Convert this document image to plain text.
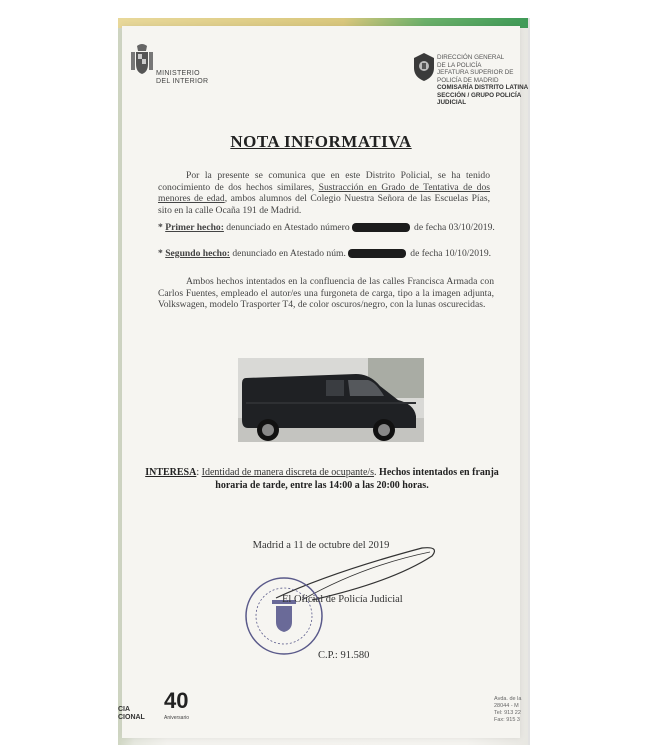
MINISTERIO
DEL INTERIOR
DIRECCIÓN GENERAL
DE LA POLICÍA
JEFATURA SUPERIOR DE
POLICÍA DE MADRID
COMISARÍA DISTRITO LATINA
SECCIÓN / GRUPO POLICÍA JUDICIAL
NOTA INFORMATIVA
Por la presente se comunica que en este Distrito Policial, se ha tenido conocimiento de dos hechos similares, Sustracción en Grado de Tentativa de dos menores de edad, ambos alumnos del Colegio Nuestra Señora de las Escuelas Pías, sito en la calle Ocaña 191 de Madrid.
* Primer hecho: denunciado en Atestado número	de fecha 03/10/2019.
* Segundo hecho: denunciado en Atestado núm.	de fecha 10/10/2019.
Ambos hechos intentados en la confluencia de las calles Francisca Armada con Carlos Fuentes, empleado el autor/es una furgoneta de carga, tipo a la imagen adjunta, Volkswagen, modelo Trasporter T4, de color oscuros/negro, con la lunas oscurecidas.
INTERESA: Identidad de manera discreta de ocupante/s. Hechos intentados en franja horaria de tarde, entre las 14:00 a las 20:00 horas.
Madrid a 11 de octubre del 2019
El Oficial de Policía Judicial
C.P.: 91.580
CIA
CIONAL
40
Aniversario
Avda. de la
28044 - M
Tel: 913 22
Fax: 915 3
